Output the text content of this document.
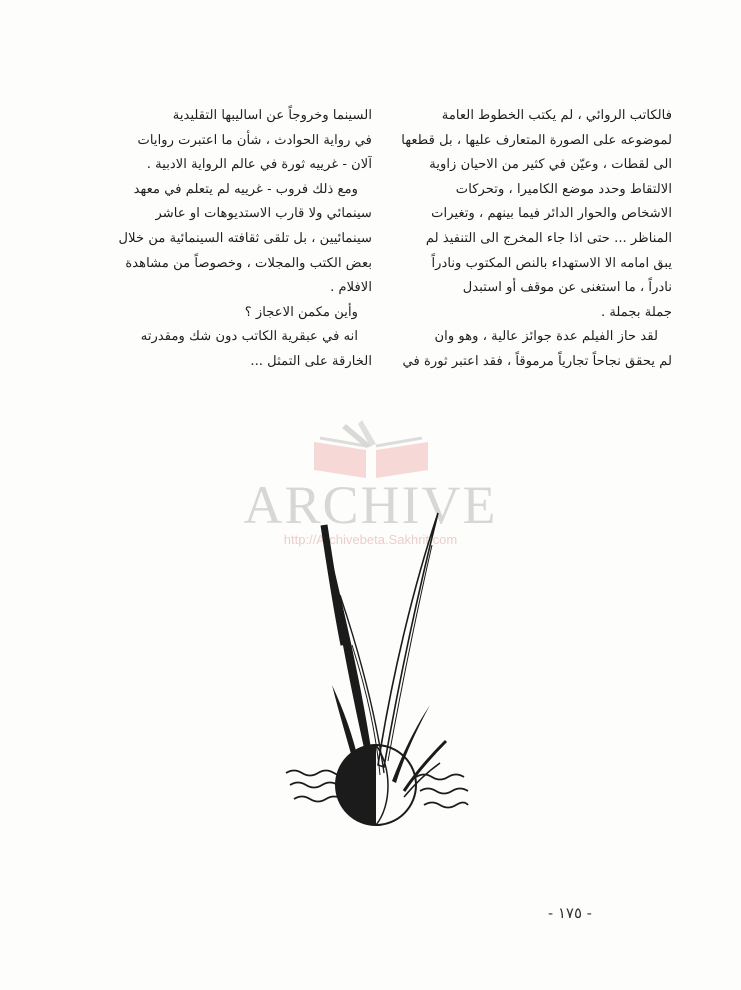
فالكاتب الروائي ، لم يكتب الخطوط العامة
لموضوعه على الصورة المتعارف عليها ، بل قطعها
الى لقطات ، وعيّن في كثير من الاحيان زاوية
الالتقاط وحدد موضع الكاميرا ، وتحركات
الاشخاص والحوار الدائر فيما بينهم ، وتغيرات
المناظر ... حتى اذا جاء المخرج الى التنفيذ لم
يبق امامه الا الاستهداء بالنص المكتوب ونادراً
نادراً ، ما استغنى عن موقف أو استبدل
جملة بجملة .
لقد حاز الفيلم عدة جوائز عالية ، وهو وان
لم يحقق نجاحاً تجارياً مرموقاً ، فقد اعتبر ثورة في
السينما وخروجاً عن اساليبها التقليدية
في رواية الحوادث ، شأن ما اعتبرت روايات
آلان - غرييه ثورة في عالم الرواية الادبية .
ومع ذلك فروب - غرييه لم يتعلم في معهد
سينمائي ولا قارب الاستديوهات او عاشر
سينمائيين ، بل تلقى ثقافته السينمائية من خلال
بعض الكتب والمجلات ، وخصوصاً من مشاهدة
الافلام .
وأين مكمن الاعجاز ؟
انه في عبقرية الكاتب دون شك ومقدرته
الخارقة على التمثل ...
ARCHIVE
http://Archivebeta.Sakhrit.com
- ١٧٥ -
